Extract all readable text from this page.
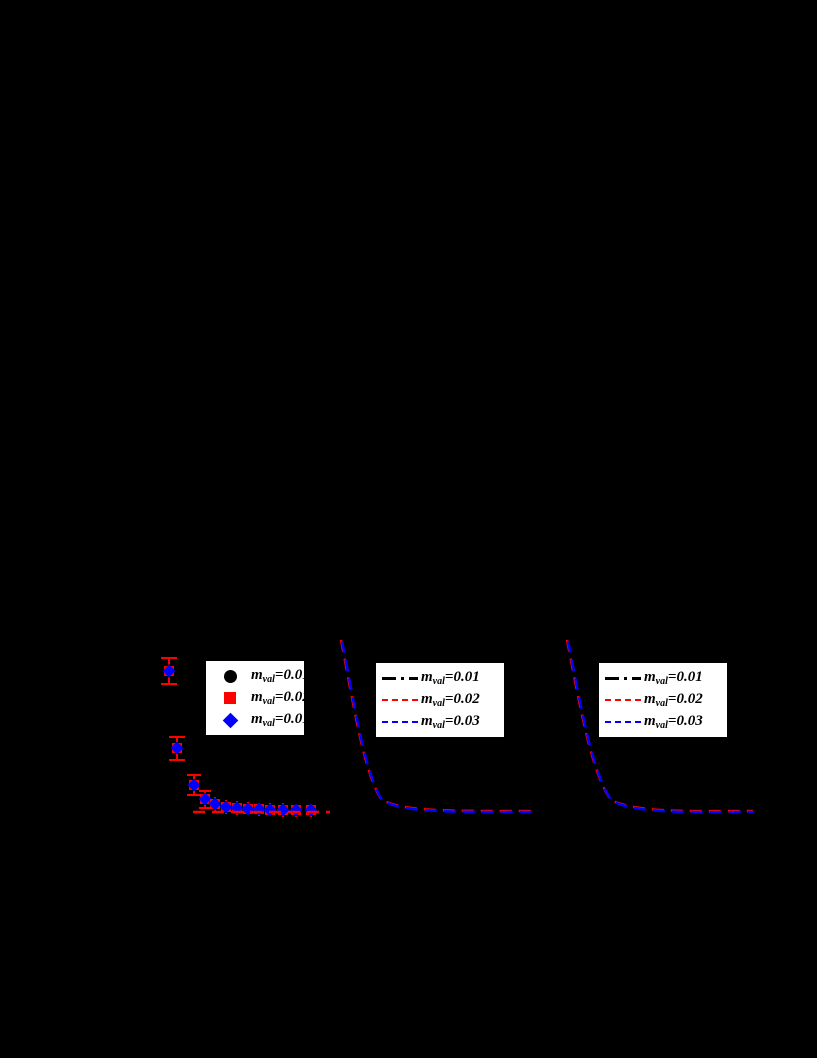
$m_{val}=0.01$
$m_{val}=0.02$
$m_{val}=0.01$
$m_{val}=0.01$
$m_{val}=0.02$
$m_{val}=0.03$
$m_{val}=0.01$
$m_{val}=0.02$
$m_{val}=0.03$
